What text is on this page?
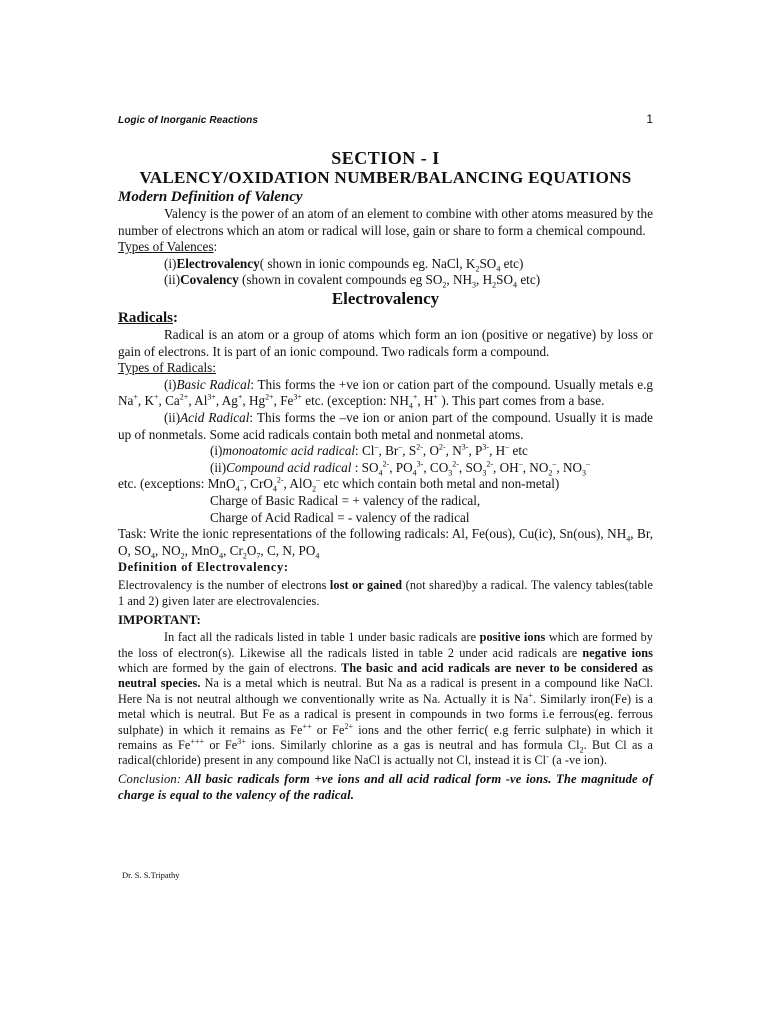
Logic of Inorganic Reactions	1
SECTION - I
VALENCY/OXIDATION NUMBER/BALANCING EQUATIONS
Modern Definition of Valency

Valency is the power of an atom of an element to combine with other atoms measured by the number of electrons which an atom or radical will lose, gain or share to form a chemical compound.

Types of Valences:

(i)Electrovalency( shown in ionic compounds eg. NaCl, $K_2SO_4$ etc)

(ii)Covalency (shown in covalent compounds eg $SO_2$, $NH_3$, $H_2SO_4$ etc)

Electrovalency
Radicals:

Radical is an atom or a group of atoms which form an ion (positive or negative) by loss or gain of electrons. It is part of an ionic compound. Two radicals form a compound.

Types of Radicals:

(i)Basic Radical: This forms the +ve ion or cation part of the compound. Usually metals e.g Na+, K+, $Ca^{2+}$, $Al^{3+}$, Ag+, $Hg^{2+}$, $Fe^{3+}$ etc. (exception: $NH_4^+$, H+ ). This part comes from a base.

(ii)Acid Radical: This forms the –ve ion or anion part of the compound. Usually it is made up of nonmetals. Some acid radicals contain both metal and nonmetal atoms.

(i)monoatomic acid radical: Cl–, Br–, $S^{2-}$, $O^{2-}$, $N^{3-}$, $P^{3-}$, H– etc

(ii)Compound acid radical : $SO_4^{2-}$, $PO_4^{3-}$, $CO_3^{2-}$, $SO_3^{2-}$, OH–, $NO_2^-$, $NO_3^-$

etc. (exceptions: MnO$_4$–, CrO$_4^{2-}$, AlO$_2$– etc which contain both metal and non-metal)

Charge of Basic Radical = + valency of the radical,

Charge of Acid Radical = - valency of the radical

Task: Write the ionic representations of the following radicals: Al, Fe(ous), Cu(ic), Sn(ous), $NH_4$, Br, O, $SO_4$, $NO_2$, MnO$_4$, $Cr_2O_7$, C, N, $PO_4$

Definition of Electrovalency:

Electrovalency is the number of electrons lost or gained (not shared)by a radical. The valency tables(table 1 and 2) given later are electrovalencies.

IMPORTANT:

In fact all the radicals listed in table 1 under basic radicals are positive ions which are formed by the loss of electron(s). Likewise all the radicals listed in table 2 under acid radicals are negative ions which are formed by the gain of electrons. The basic and acid radicals are never to be considered as neutral species. Na is a metal which is neutral. But Na as a radical is present in a compound like NaCl. Here Na is not neutral although we conventionally write as Na. Actually it is Na+. Similarly iron(Fe) is a metal which is neutral. But Fe as a radical is present in compounds in two forms i.e ferrous(eg. ferrous sulphate) in which it remains as Fe++ or $Fe^{2+}$ ions and the other ferric( e.g ferric sulphate) in which it remains as Fe+++ or $Fe^{3+}$ ions. Similarly chlorine as a gas is neutral and has formula $Cl_2$. But Cl as a radical(chloride) present in any compound like NaCl is actually not Cl, instead it is Cl- (a -ve ion).

Conclusion: All basic radicals form +ve ions and all acid radical form -ve ions. The magnitude of charge is equal to the valency of the radical.

Dr. S. S.Tripathy
